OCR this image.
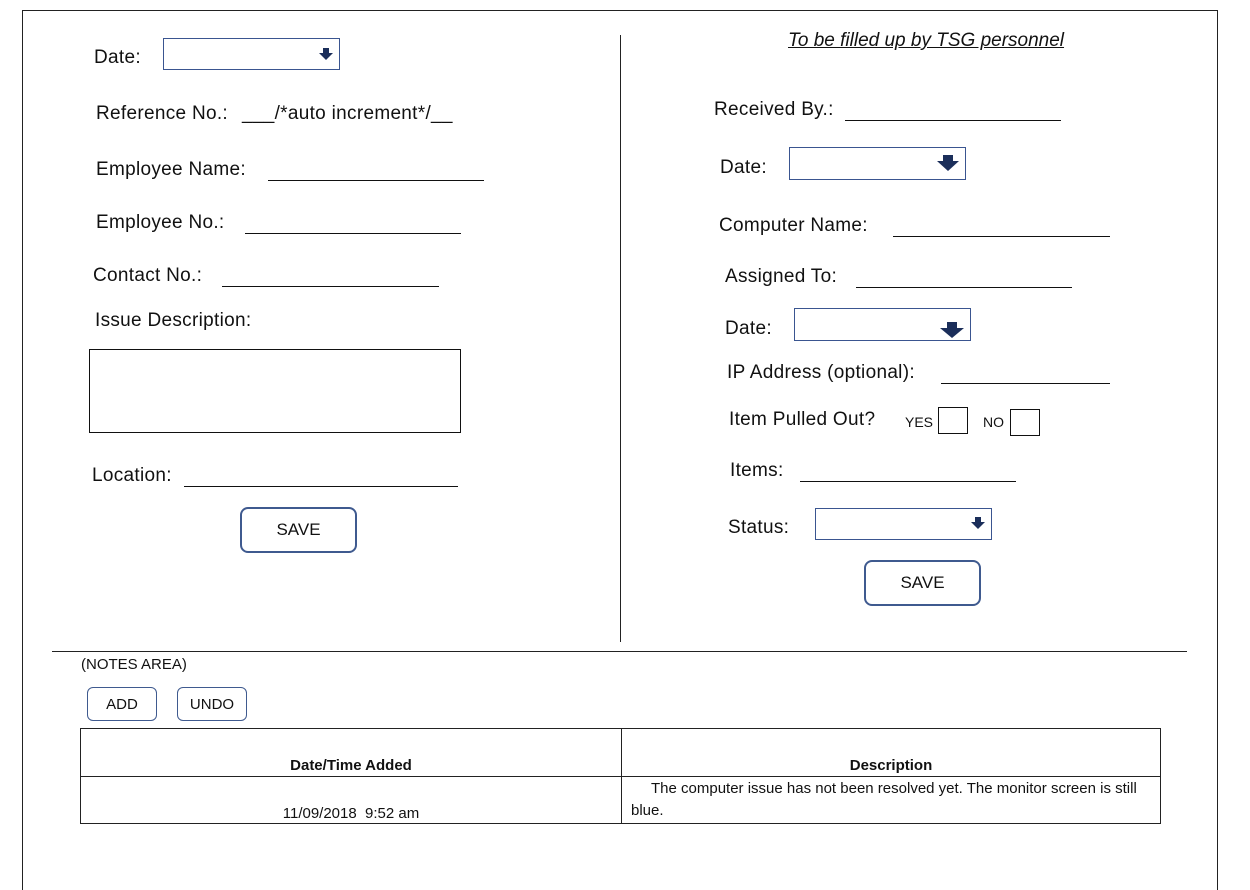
Date:
Reference No.: ___/*auto increment*/__
Employee Name:
Employee No.:
Contact No.:
Issue Description:
Location:
SAVE
To be filled up by TSG personnel
Received By.:
Date:
Computer Name:
Assigned To:
Date:
IP Address (optional):
Item Pulled Out? YES	NO
Items:
Status:
SAVE
(NOTES AREA)
ADD	UNDO
Date/Time Added	Description
11/09/2018  9:52 am	The computer issue has not been resolved yet. The monitor screen is still blue.
